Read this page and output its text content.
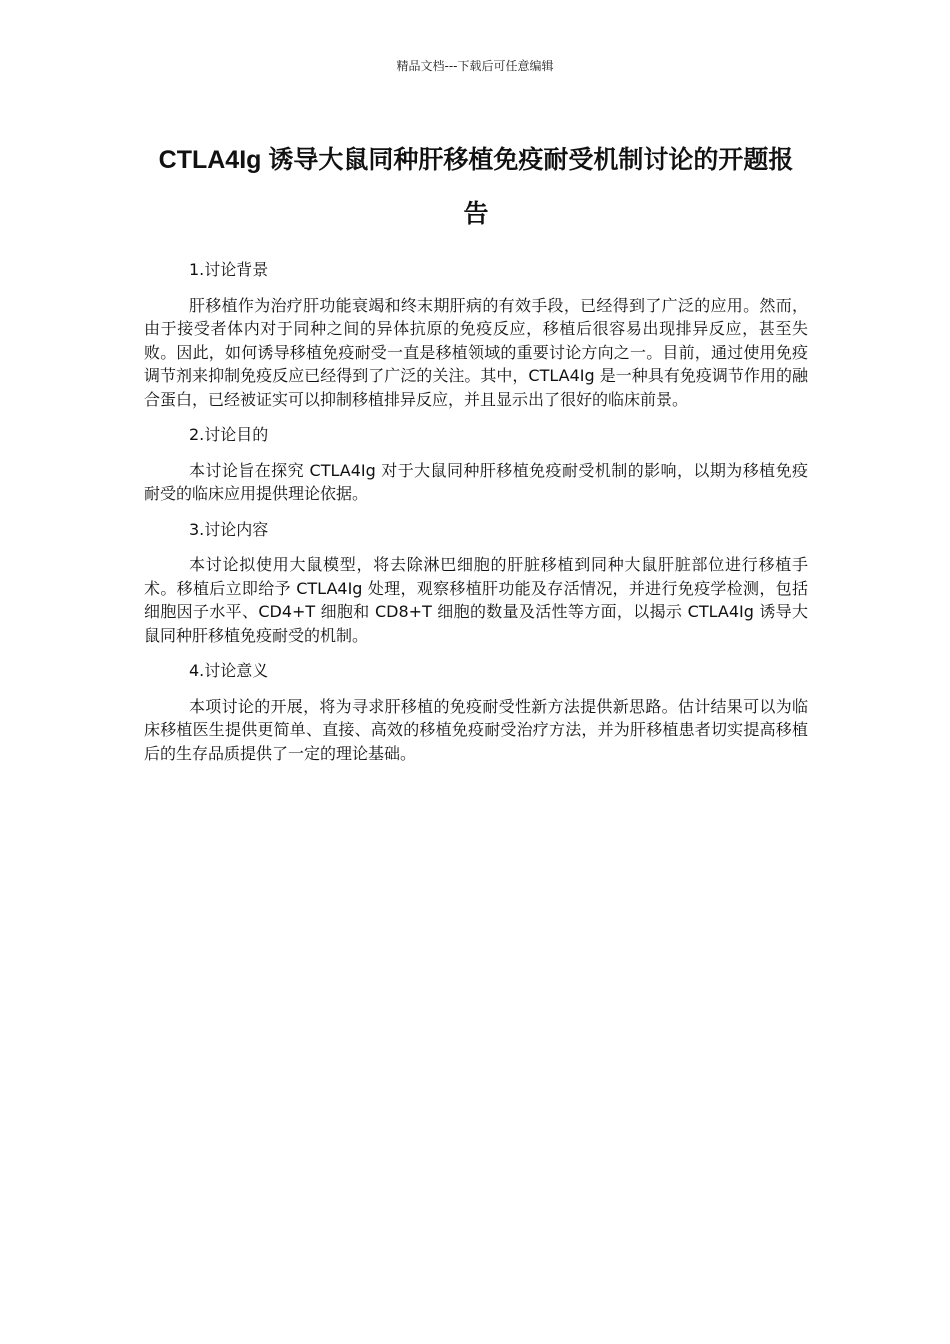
精品文档---下载后可任意编辑
CTLA4Ig 诱导大鼠同种肝移植免疫耐受机制讨论的开题报告
1.讨论背景

肝移植作为治疗肝功能衰竭和终末期肝病的有效手段，已经得到了广泛的应用。然而，由于接受者体内对于同种之间的异体抗原的免疫反应，移植后很容易出现排异反应，甚至失败。因此，如何诱导移植免疫耐受一直是移植领域的重要讨论方向之一。目前，通过使用免疫调节剂来抑制免疫反应已经得到了广泛的关注。其中，CTLA4Ig 是一种具有免疫调节作用的融合蛋白，已经被证实可以抑制移植排异反应，并且显示出了很好的临床前景。

2.讨论目的

本讨论旨在探究 CTLA4Ig 对于大鼠同种肝移植免疫耐受机制的影响，以期为移植免疫耐受的临床应用提供理论依据。

3.讨论内容

本讨论拟使用大鼠模型，将去除淋巴细胞的肝脏移植到同种大鼠肝脏部位进行移植手术。移植后立即给予 CTLA4Ig 处理，观察移植肝功能及存活情况，并进行免疫学检测，包括细胞因子水平、CD4+T 细胞和 CD8+T 细胞的数量及活性等方面，以揭示 CTLA4Ig 诱导大鼠同种肝移植免疫耐受的机制。

4.讨论意义

本项讨论的开展，将为寻求肝移植的免疫耐受性新方法提供新思路。估计结果可以为临床移植医生提供更简单、直接、高效的移植免疫耐受治疗方法，并为肝移植患者切实提高移植后的生存品质提供了一定的理论基础。
